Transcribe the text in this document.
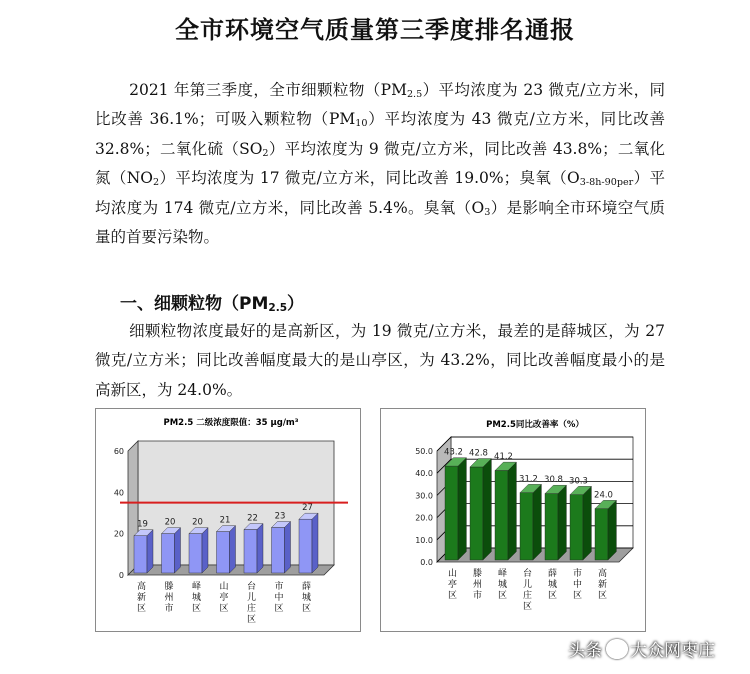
全市环境空气质量第三季度排名通报

2021 年第三季度，全市细颗粒物$(PM_{2.5})$平均浓度为 23 微克/立方米，同比改善 36.1%；可吸入颗粒物$(PM_{10})$平均浓度为 43 微克/立方米，同比改善 32.8%；二氧化硫$(SO_2)$平均浓度为 9 微克/立方米，同比改善 43.8%；二氧化氮$(NO_2)$平均浓度为 17 微克/立方米，同比改善 19.0%；臭氧$(O_{3-8h-90per})$平均浓度为 174 微克/立方米，同比改善 5.4%。臭氧$(O_3)$是影响全市环境空气质量的首要污染物。

一、细颗粒物$(PM_{2.5})$

细颗粒物浓度最好的是高新区，为 19 微克/立方米，最差的是薛城区，为 27 微克/立方米；同比改善幅度最大的是山亭区，为 43.2%，同比改善幅度最小的是高新区，为 24.0%。

PM2.5 二级浓度限值：35 μg/m³
0
20
40
60
19
高新区
20
滕州市
20
峄城区
21
山亭区
22
台儿庄区
23
市中区
27
薛城区
PM2.5同比改善率（%）
0.0
10.0
20.0
30.0
40.0
50.0 43.2
山亭区
42.8
滕州市
41.2
峄城区
31.2
台儿庄区
30.8
薛城区
30.3
市中区
24.0
高新区
头条 大众网枣庄
